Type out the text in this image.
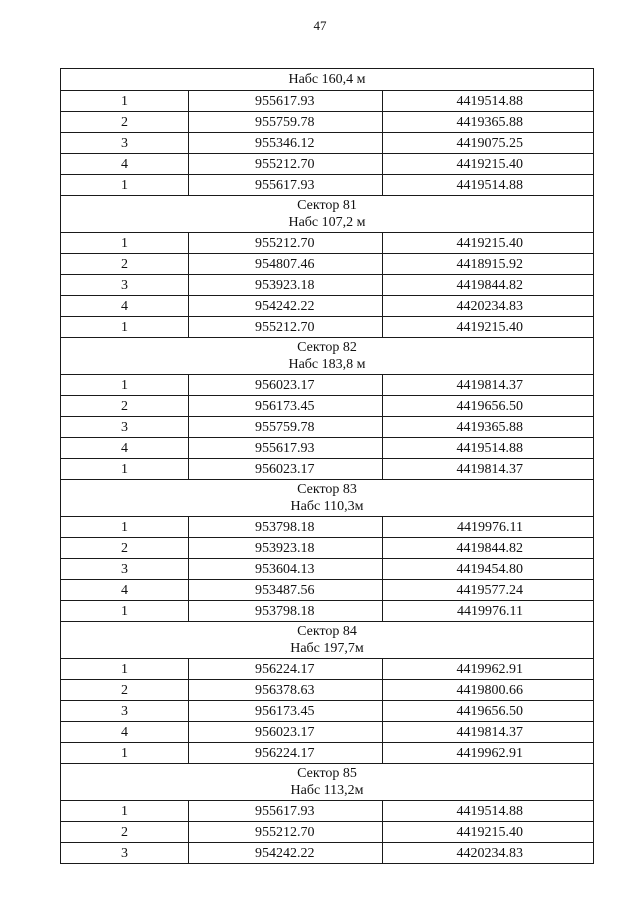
47
Набс 160,4 м		

1	955617.93	4419514.88
2	955759.78	4419365.88
3	955346.12	4419075.25
4	955212.70	4419215.40
1	955617.93	4419514.88

Сектор 81
Набс 107,2 м		

1	955212.70	4419215.40
2	954807.46	4418915.92
3	953923.18	4419844.82
4	954242.22	4420234.83
1	955212.70	4419215.40

Сектор 82
Набс 183,8 м		

1	956023.17	4419814.37
2	956173.45	4419656.50
3	955759.78	4419365.88
4	955617.93	4419514.88
1	956023.17	4419814.37

Сектор 83
Набс 110,3м		

1	953798.18	4419976.11
2	953923.18	4419844.82
3	953604.13	4419454.80
4	953487.56	4419577.24
1	953798.18	4419976.11

Сектор 84
Набс 197,7м		

1	956224.17	4419962.91
2	956378.63	4419800.66
3	956173.45	4419656.50
4	956023.17	4419814.37
1	956224.17	4419962.91

Сектор 85
Набс 113,2м		

1	955617.93	4419514.88
2	955212.70	4419215.40
3	954242.22	4420234.83
